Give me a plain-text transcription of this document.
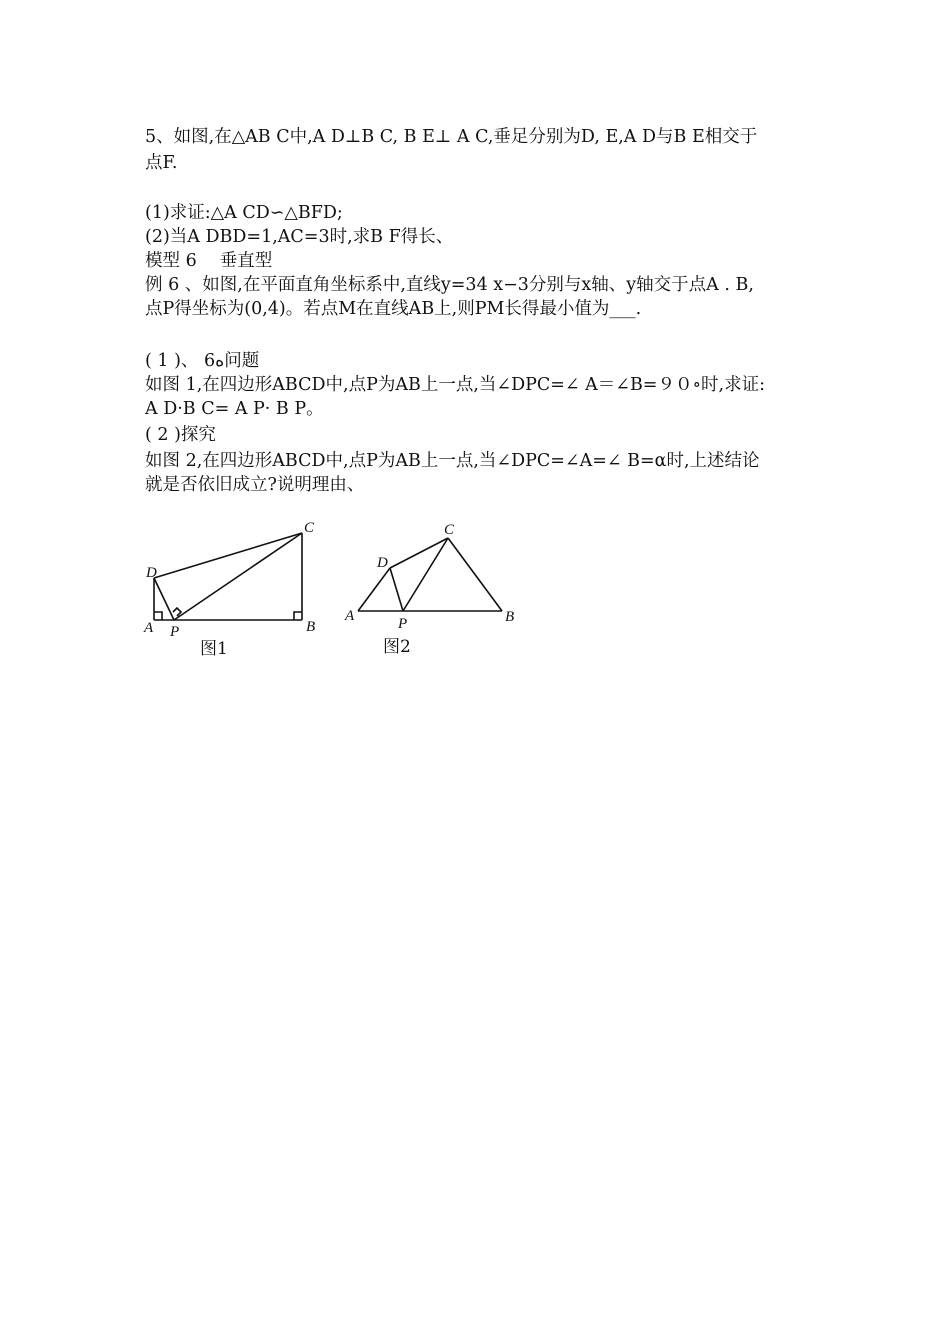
5、如图,在△AB C中,A D⊥B C, B E⊥ A C,垂足分别为D, E,A D与B E相交于
点F.
(1)求证:△A CD∽△BFD;
(2)当A DBD=1,AC=3时,求B F得长、
模型 6　 垂直型
例 6 、如图,在平面直角坐标系中,直线y=34 x−3分别与x轴、y轴交于点A . B,
点P得坐标为(0,4)。若点M在直线AB上,则PM长得最小值为___.
( 1 )、 6ه问题
如图 1,在四边形ABCD中,点P为AB上一点,当∠DPC=∠ A＝∠B=９０∘时,求证:
A D·B C= A P· B P。
( 2 )探究
如图 2,在四边形ABCD中,点P为AB上一点,当∠DPC=∠A=∠ B=α时,上述结论
就是否依旧成立?说明理由、
D
A P	B
C
D
C
A	P	B
图1	图2
